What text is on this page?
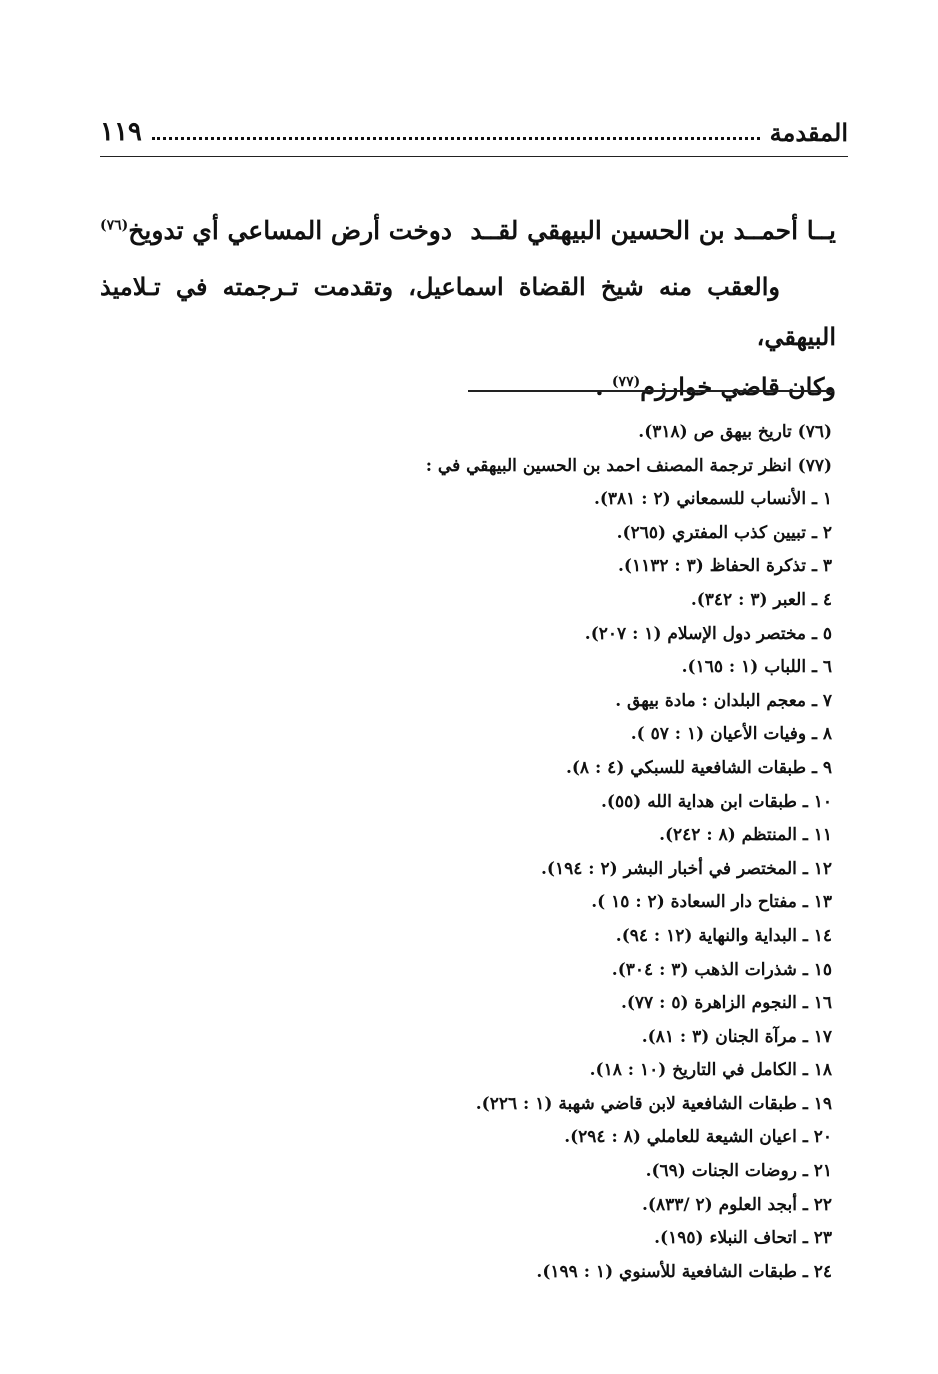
المقدمة
١١٩
يــا أحمــد بن الحسين البيهقي لقــد
دوخت أرض المساعي أي تدويخ$^{(٧٦)}$
والعقب منه شيخ القضاة اسماعيل، وتقدمت تـرجمته في تـلاميذ البيهقي،
وكان قاضي خوارزم$^{(٧٧)}$ .
(٧٦) تاريخ بيهق ص (٣١٨).
(٧٧) انظر ترجمة المصنف احمد بن الحسين البيهقي في :
١ ـ الأنساب للسمعاني (٢ : ٣٨١).
٢ ـ تبيين كذب المفتري (٢٦٥).
٣ ـ تذكرة الحفاظ (٣ : ١١٣٢).
٤ ـ العبر (٣ : ٣٤٢).
٥ ـ مختصر دول الإسلام (١ : ٢٠٧).
٦ ـ اللباب (١ : ١٦٥).
٧ ـ معجم البلدان : مادة بيهق .
٨ ـ وفيات الأعيان (١ : ٥٧ ).
٩ ـ طبقات الشافعية للسبكي (٤ : ٨).
١٠ ـ طبقات ابن هداية الله (٥٥).
١١ ـ المنتظم (٨ : ٢٤٢).
١٢ ـ المختصر في أخبار البشر (٢ : ١٩٤).
١٣ ـ مفتاح دار السعادة (٢ : ١٥ ).
١٤ ـ البداية والنهاية (١٢ : ٩٤).
١٥ ـ شذرات الذهب (٣ : ٣٠٤).
١٦ ـ النجوم الزاهرة (٥ : ٧٧).
١٧ ـ مرآة الجنان (٣ : ٨١).
١٨ ـ الكامل في التاريخ (١٠ : ١٨).
١٩ ـ طبقات الشافعية لابن قاضي شهبة (١ : ٢٢٦).
٢٠ ـ اعيان الشيعة للعاملي (٨ : ٢٩٤).
٢١ ـ روضات الجنات (٦٩).
٢٢ ـ أبجد العلوم (٢ /٨٣٣).
٢٣ ـ اتحاف النبلاء (١٩٥).
٢٤ ـ طبقات الشافعية للأسنوي (١ : ١٩٩).
